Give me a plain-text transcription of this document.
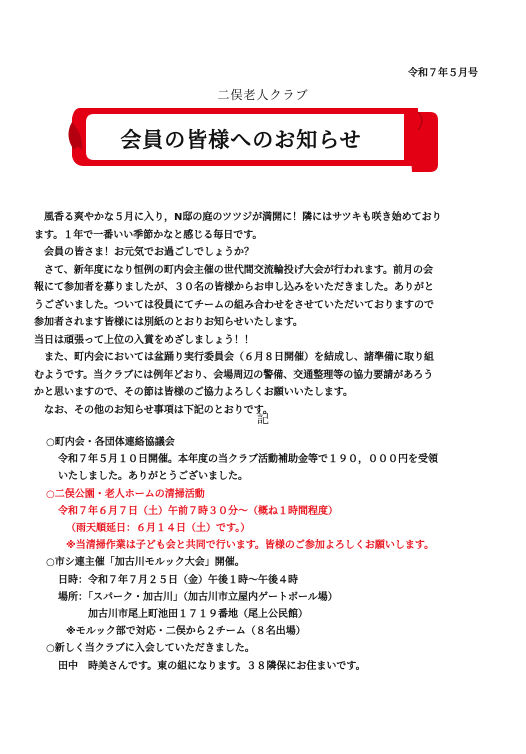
令和７年５月号
二俣老人クラブ
会員の皆様へのお知らせ
　風香る爽やかな５月に入り，N邸の庭のツツジが満開に！隣にはサツキも咲き始めており
ます。１年で一番いい季節かなと感じる毎日です。
　会員の皆さま！お元気でお過ごしでしょうか？
　さて、新年度になり恒例の町内会主催の世代間交流輪投げ大会が行われます。前月の会
報にて参加者を募りましたが、３０名の皆様からお申し込みをいただきました。ありがと
うございました。ついては役員にてチームの組み合わせをさせていただいておりますので
参加者されます皆様には別紙のとおりお知らせいたします。
当日は頑張って上位の入賞をめざしましょう！！
　また、町内会においては盆踊り実行委員会（６月８日開催）を結成し、諸準備に取り組
むようです。当クラブには例年どおり、会場周辺の警備、交通整理等の協力要請があろう
かと思いますので、その節は皆様のご協力よろしくお願いいたします。
　なお、その他のお知らせ事項は下記のとおりです。
記
○町内会・各団体連絡協議会
令和７年５月１０日開催。本年度の当クラブ活動補助金等で１９０，０００円を受領
いたしました。ありがとうございました。
○二俣公園・老人ホームの清掃活動
令和７年６月７日（土）午前７時３０分～（概ね１時間程度）
（雨天順延日：６月１４日（土）です。）
※当清掃作業は子ども会と共同で行います。皆様のご参加よろしくお願いします。
○市シ連主催「加古川モルック大会」開催。
日時：令和７年７月２５日（金）午後１時～午後４時
場所：「スパーク・加古川」（加古川市立屋内ゲートボール場）
加古川市尾上町池田１７１９番地（尾上公民館）
※モルック部で対応・二俣から２チーム（８名出場）
○新しく当クラブに入会していただきました。
田中　時美さんです。東の組になります。３８隣保にお住まいです。
